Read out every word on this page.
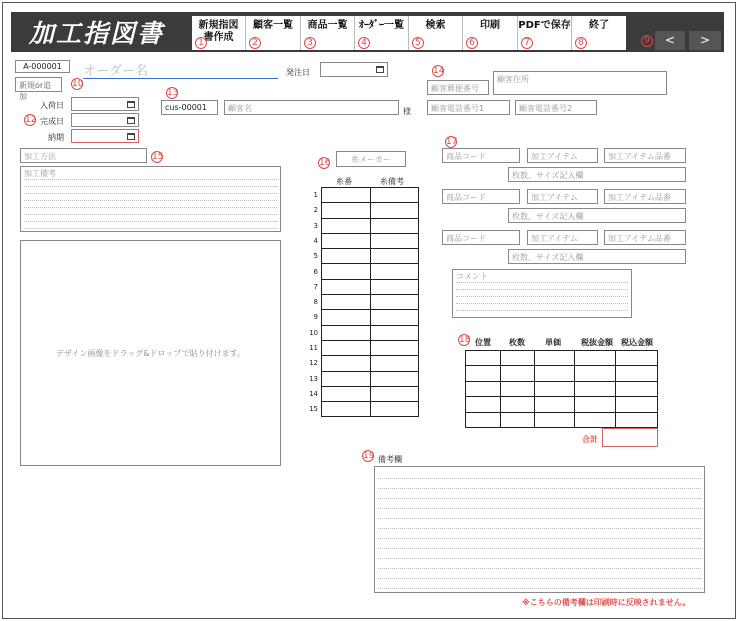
加工指図書	新規指図書作成
1
顧客一覧
2
商品一覧
3
ｵｰﾀﾞｰ一覧
4
検索
5
印刷
6
PDFで保存
7
終了
8	9	<	>
A-000001
新規or追加
10
オーダー名	発注日
入荷日
12 完成日
納期
13
cus-00001	顧客名	様
14
顧客郵便番号
顧客住所
顧客電話番号1	顧客電話番号2
加工方法	15
加工備考
デザイン画像をドラッグ&ドロップで貼り付けます。
16	糸メーカー
糸番	糸備考
1
2
3
4
5
6
7
8
9
10
11
12
13
14
15

17
商品コード	加工アイテム	加工アイテム品番
枚数、サイズ記入欄
商品コード	加工アイテム	加工アイテム品番
枚数、サイズ記入欄
商品コード	加工アイテム	加工アイテム品番
枚数、サイズ記入欄
コメント
18 位置 枚数	単価	税抜金額 税込金額

合計
19 備考欄
※こちらの備考欄は印刷時に反映されません。
